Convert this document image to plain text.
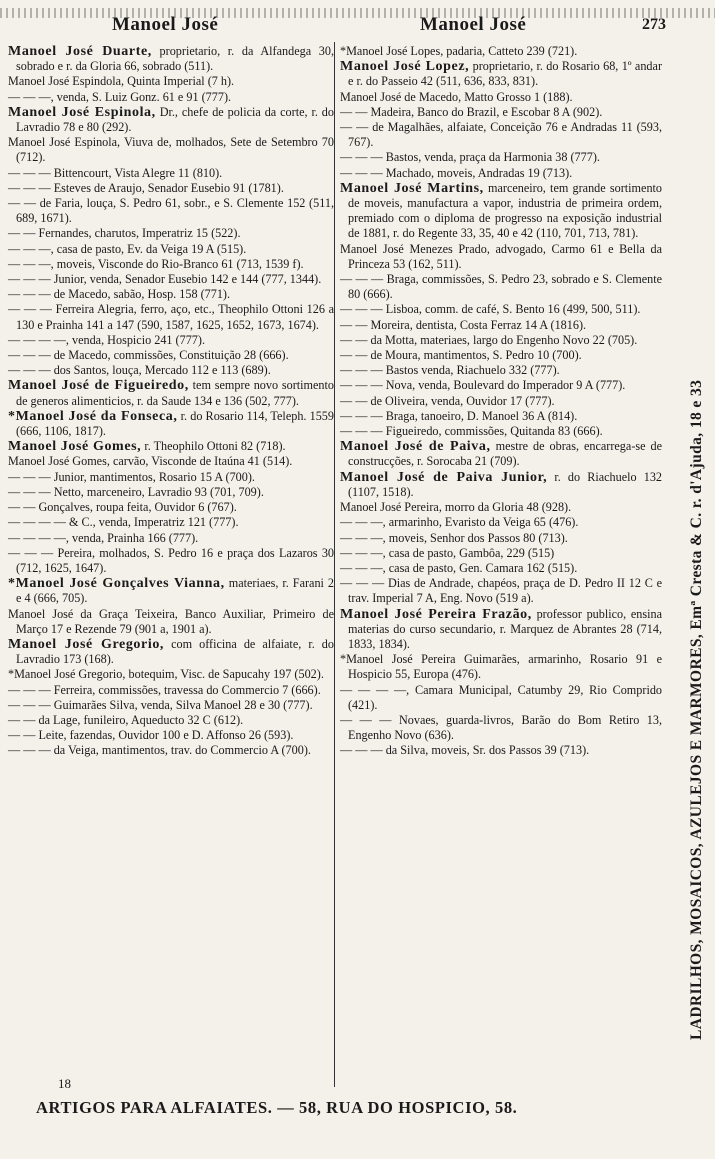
Manoel José	Manoel José	273

Manoel José Duarte, proprietario, r. da Alfandega 30, sobrado e r. da Gloria 66, sobrado (511).

Manoel José Espindola, Quinta Imperial (7 h).

— — —, venda, S. Luiz Gonz. 61 e 91 (777).

Manoel José Espinola, Dr., chefe de policia da corte, r. do Lavradio 78 e 80 (292).

Manoel José Espinola, Viuva de, molhados, Sete de Setembro 70 (712).

— — — Bittencourt, Vista Alegre 11 (810).

— — — Esteves de Araujo, Senador Eusebio 91 (1781).

— — de Faria, louça, S. Pedro 61, sobr., e S. Clemente 152 (511, 689, 1671).

— — Fernandes, charutos, Imperatriz 15 (522).

— — —, casa de pasto, Ev. da Veiga 19 A (515).

— — —, moveis, Visconde do Rio-Branco 61 (713, 1539 f).

— — — Junior, venda, Senador Eusebio 142 e 144 (777, 1344).

— — — de Macedo, sabão, Hosp. 158 (771).

— — — Ferreira Alegria, ferro, aço, etc., Theophilo Ottoni 126 a 130 e Prainha 141 a 147 (590, 1587, 1625, 1652, 1673, 1674).

— — — —, venda, Hospicio 241 (777).

— — — de Macedo, commissões, Constituição 28 (666).

— — — dos Santos, louça, Mercado 112 e 113 (689).

Manoel José de Figueiredo, tem sempre novo sortimento de generos alimenticios, r. da Saude 134 e 136 (502, 777).

*Manoel José da Fonseca, r. do Rosario 114, Teleph. 1559 (666, 1106, 1817).

Manoel José Gomes, r. Theophilo Ottoni 82 (718).

Manoel José Gomes, carvão, Visconde de Itaúna 41 (514).

— — — Junior, mantimentos, Rosario 15 A (700).

— — — Netto, marceneiro, Lavradio 93 (701, 709).

— — Gonçalves, roupa feita, Ouvidor 6 (767).

— — — — & C., venda, Imperatriz 121 (777).

— — — —, venda, Prainha 166 (777).

— — — Pereira, molhados, S. Pedro 16 e praça dos Lazaros 30 (712, 1625, 1647).

*Manoel José Gonçalves Vianna, materiaes, r. Farani 2 e 4 (666, 705).

Manoel José da Graça Teixeira, Banco Auxiliar, Primeiro de Março 17 e Rezende 79 (901 a, 1901 a).

Manoel José Gregorio, com officina de alfaiate, r. do Lavradio 173 (168).

*Manoel José Gregorio, botequim, Visc. de Sapucahy 197 (502).

— — — Ferreira, commissões, travessa do Commercio 7 (666).

— — — Guimarães Silva, venda, Silva Manoel 28 e 30 (777).

— — da Lage, funileiro, Aqueducto 32 C (612).

— — Leite, fazendas, Ouvidor 100 e D. Affonso 26 (593).

— — — da Veiga, mantimentos, trav. do Commercio A (700).

*Manoel José Lopes, padaria, Catteto 239 (721).

Manoel José Lopez, proprietario, r. do Rosario 68, 1º andar e r. do Passeio 42 (511, 636, 833, 831).

Manoel José de Macedo, Matto Grosso 1 (188).

— — Madeira, Banco do Brazil, e Escobar 8 A (902).

— — de Magalhães, alfaiate, Conceição 76 e Andradas 11 (593, 767).

— — — Bastos, venda, praça da Harmonia 38 (777).

— — — Machado, moveis, Andradas 19 (713).

Manoel José Martins, marceneiro, tem grande sortimento de moveis, manufactura a vapor, industria de primeira ordem, premiado com o diploma de progresso na exposição industrial de 1881, r. do Regente 33, 35, 40 e 42 (110, 701, 713, 781).

Manoel José Menezes Prado, advogado, Carmo 61 e Bella da Princeza 53 (162, 511).

— — — Braga, commissões, S. Pedro 23, sobrado e S. Clemente 80 (666).

— — — Lisboa, comm. de café, S. Bento 16 (499, 500, 511).

— — Moreira, dentista, Costa Ferraz 14 A (1816).

— — da Motta, materiaes, largo do Engenho Novo 22 (705).

— — de Moura, mantimentos, S. Pedro 10 (700).

— — — Bastos venda, Riachuelo 332 (777).

— — — Nova, venda, Boulevard do Imperador 9 A (777).

— — de Oliveira, venda, Ouvidor 17 (777).

— — — Braga, tanoeiro, D. Manoel 36 A (814).

— — — Figueiredo, commissões, Quitanda 83 (666).

Manoel José de Paiva, mestre de obras, encarrega-se de construcções, r. Sorocaba 21 (709).

Manoel José de Paiva Junior, r. do Riachuelo 132 (1107, 1518).

Manoel José Pereira, morro da Gloria 48 (928).

— — —, armarinho, Evaristo da Veiga 65 (476).

— — —, moveis, Senhor dos Passos 80 (713).

— — —, casa de pasto, Gambôa, 229 (515)

— — —, casa de pasto, Gen. Camara 162 (515).

— — — Dias de Andrade, chapéos, praça de D. Pedro II 12 C e trav. Imperial 7 A, Eng. Novo (519 a).

Manoel José Pereira Frazão, professor publico, ensina materias do curso secundario, r. Marquez de Abrantes 28 (714, 1833, 1834).

*Manoel José Pereira Guimarães, armarinho, Rosario 91 e Hospicio 55, Europa (476).

— — — —, Camara Municipal, Catumby 29, Rio Comprido (421).

— — — Novaes, guarda-livros, Barão do Bom Retiro 13, Engenho Novo (636).

— — — da Silva, moveis, Sr. dos Passos 39 (713).	LADRILHOS, MOSAICOS, AZULEJOS E MARMORES, Emª Cresta & C. r. d'Ajuda, 18 e 33
18
ARTIGOS PARA ALFAIATES. — 58, RUA DO HOSPICIO, 58.
